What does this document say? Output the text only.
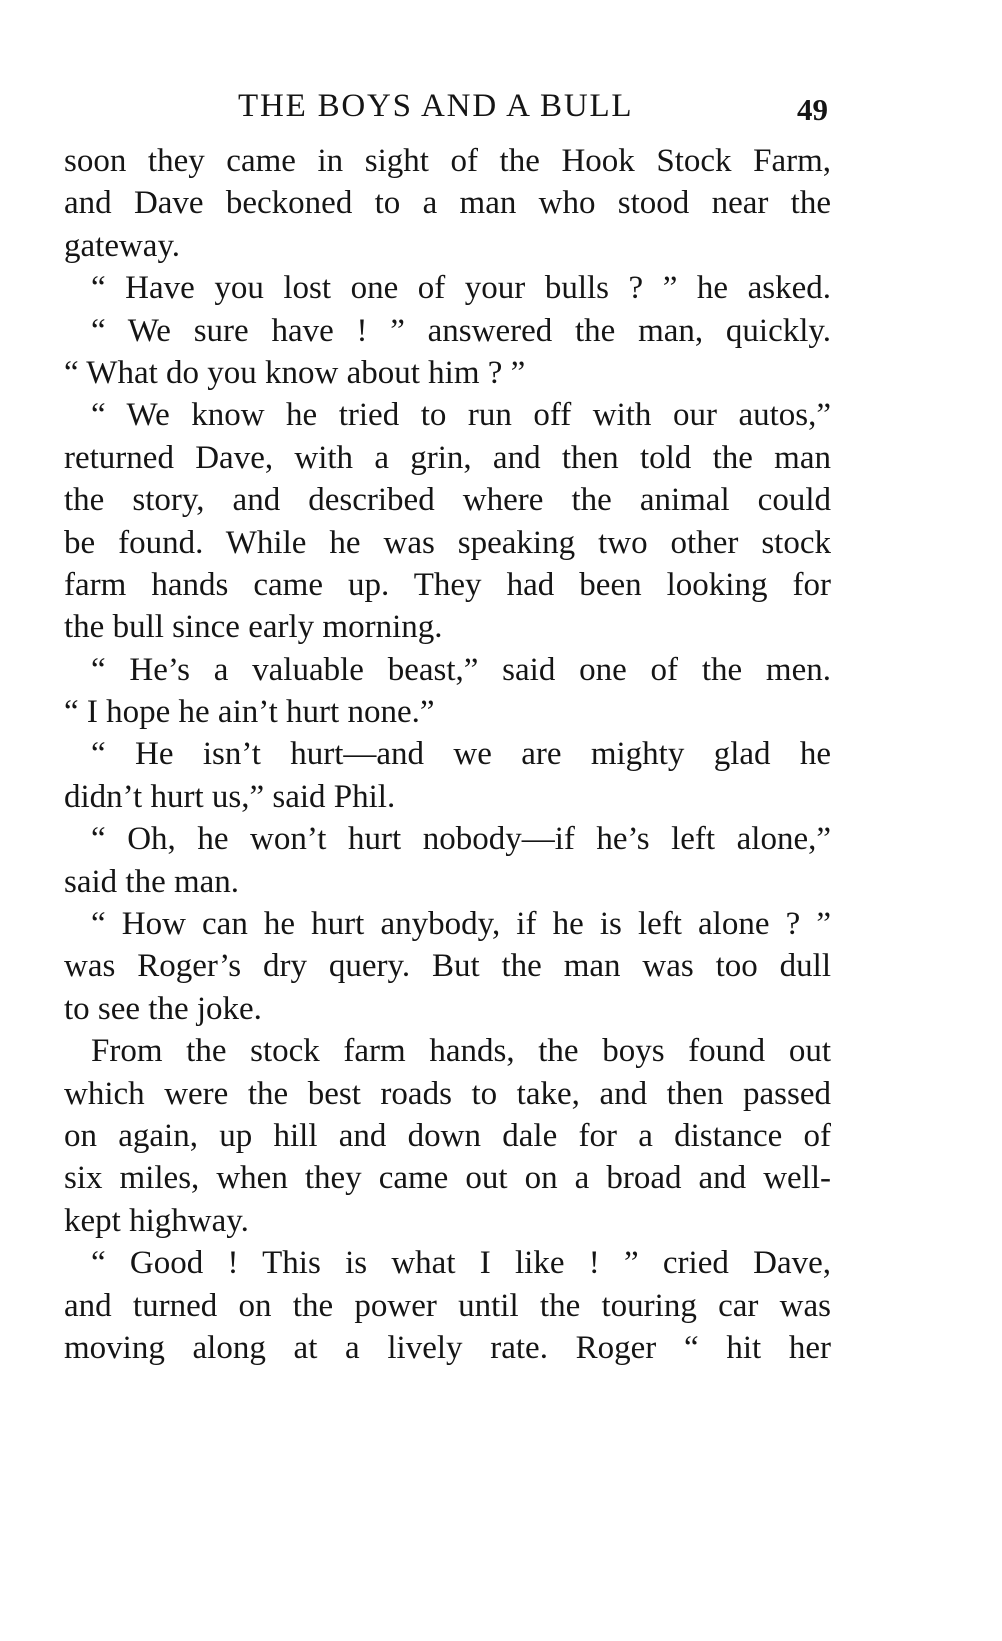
THE BOYS AND A BULL	49
soon they came in sight of the Hook Stock Farm,
and Dave beckoned to a man who stood near the
gateway.
“ Have you lost one of your bulls ? ” he asked.
“ We sure have ! ” answered the man, quickly.
“ What do you know about him ? ”
“ We know he tried to run off with our autos,”
returned Dave, with a grin, and then told the man
the story, and described where the animal could
be found. While he was speaking two other stock
farm hands came up. They had been looking for
the bull since early morning.
“ He’s a valuable beast,” said one of the men.
“ I hope he ain’t hurt none.”
“ He isn’t hurt—and we are mighty glad he
didn’t hurt us,” said Phil.
“ Oh, he won’t hurt nobody—if he’s left alone,”
said the man.
“ How can he hurt anybody, if he is left alone ? ”
was Roger’s dry query. But the man was too dull
to see the joke.
From the stock farm hands, the boys found out
which were the best roads to take, and then passed
on again, up hill and down dale for a distance of
six miles, when they came out on a broad and well-
kept highway.
“ Good ! This is what I like ! ” cried Dave,
and turned on the power until the touring car was
moving along at a lively rate. Roger “ hit her
